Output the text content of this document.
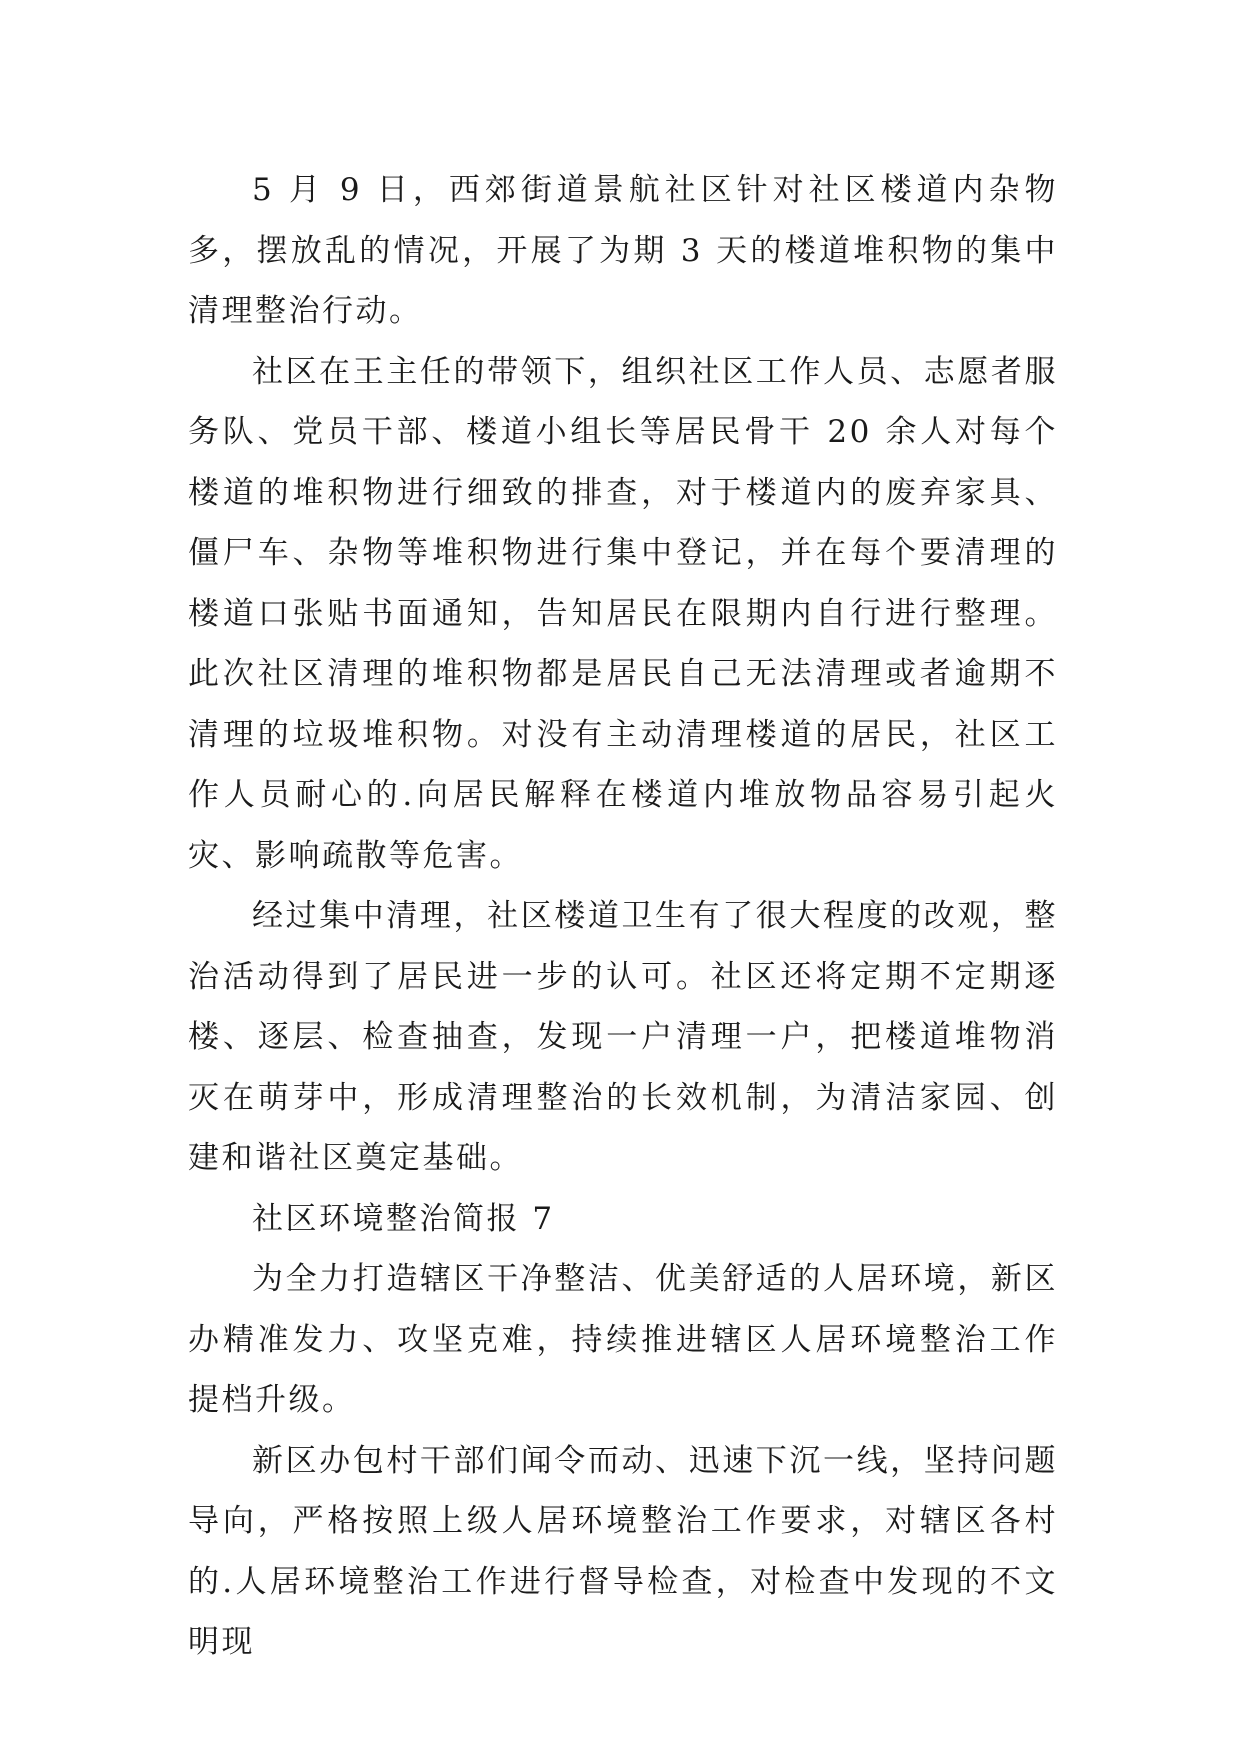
5 月 9 日，西郊街道景航社区针对社区楼道内杂物多，摆放乱的情况，开展了为期 3 天的楼道堆积物的集中清理整治行动。

社区在王主任的带领下，组织社区工作人员、志愿者服务队、党员干部、楼道小组长等居民骨干 20 余人对每个楼道的堆积物进行细致的排查，对于楼道内的废弃家具、僵尸车、杂物等堆积物进行集中登记，并在每个要清理的楼道口张贴书面通知，告知居民在限期内自行进行整理。此次社区清理的堆积物都是居民自己无法清理或者逾期不清理的垃圾堆积物。对没有主动清理楼道的居民，社区工作人员耐心的.向居民解释在楼道内堆放物品容易引起火灾、影响疏散等危害。

经过集中清理，社区楼道卫生有了很大程度的改观，整治活动得到了居民进一步的认可。社区还将定期不定期逐楼、逐层、检查抽查，发现一户清理一户，把楼道堆物消灭在萌芽中，形成清理整治的长效机制，为清洁家园、创建和谐社区奠定基础。

社区环境整治简报 7

为全力打造辖区干净整洁、优美舒适的人居环境，新区办精准发力、攻坚克难，持续推进辖区人居环境整治工作提档升级。

新区办包村干部们闻令而动、迅速下沉一线，坚持问题导向，严格按照上级人居环境整治工作要求，对辖区各村的.人居环境整治工作进行督导检查，对检查中发现的不文明现
